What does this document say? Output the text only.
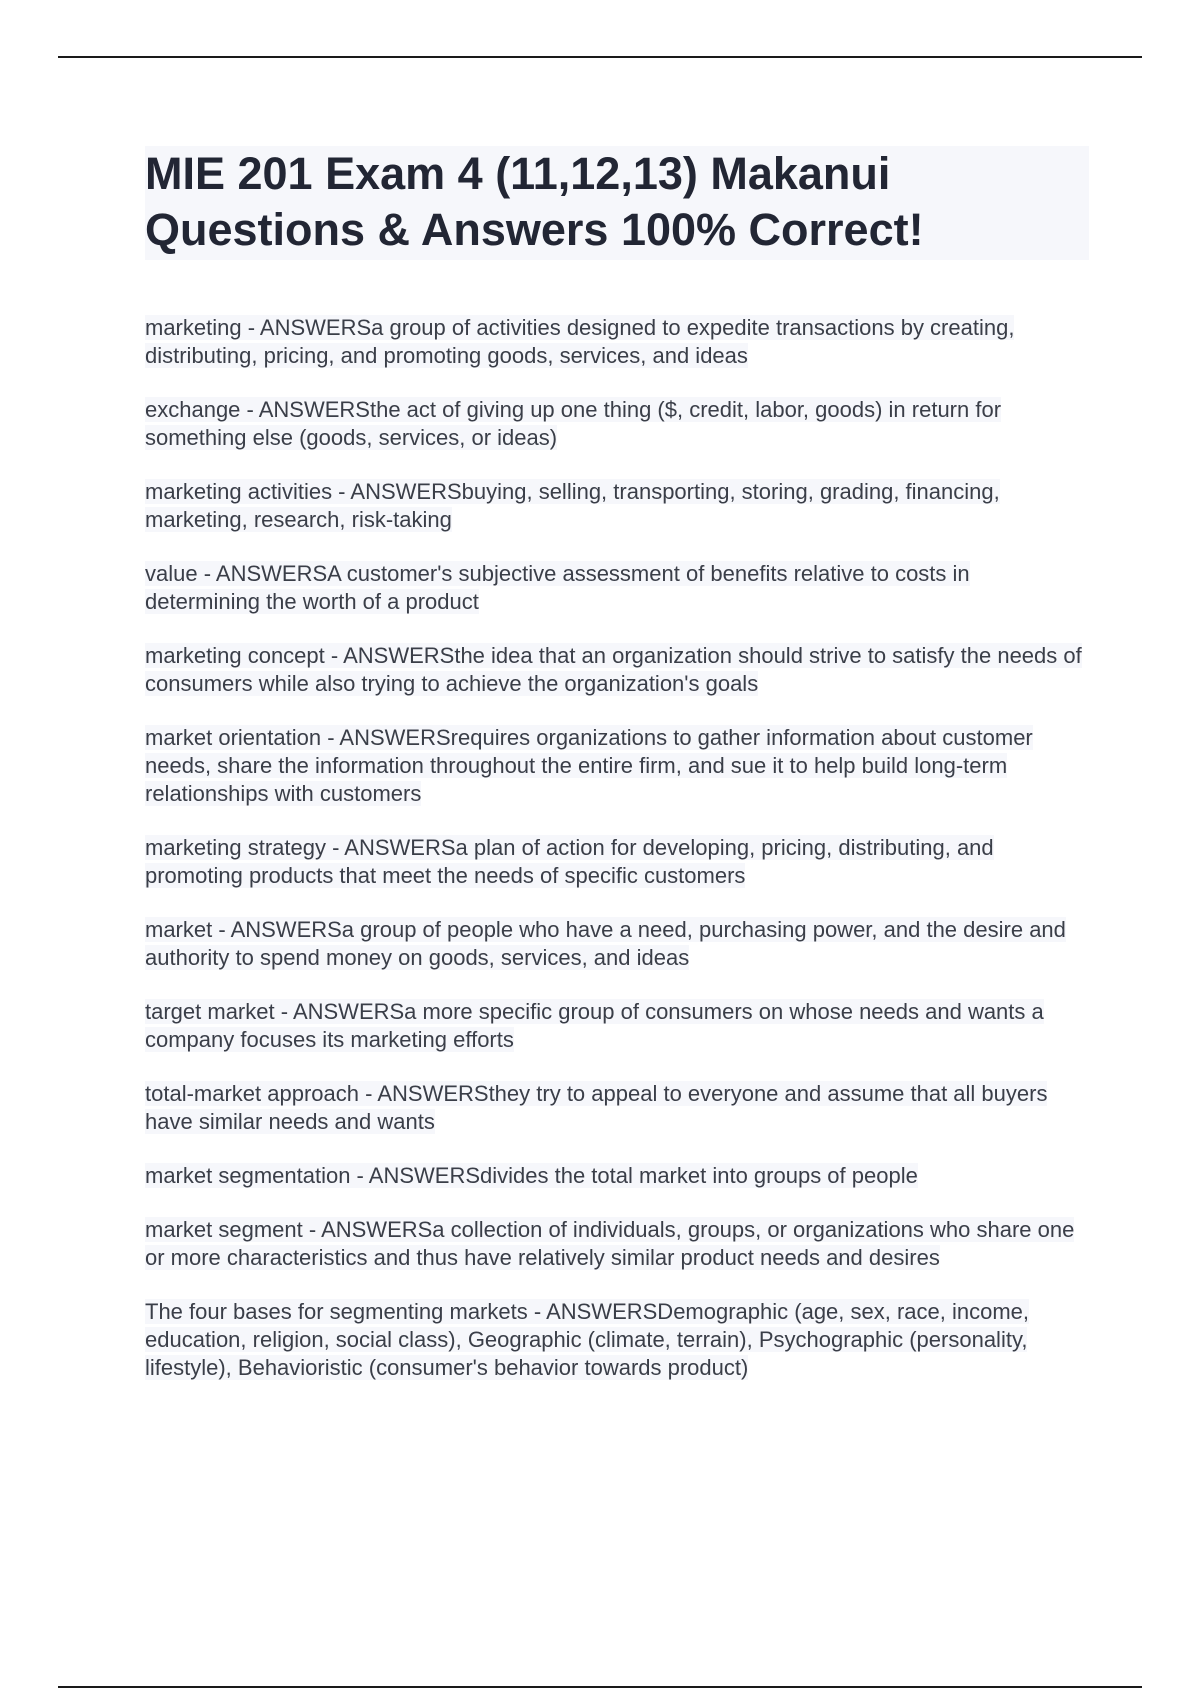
MIE 201 Exam 4 (11,12,13) Makanui Questions & Answers 100% Correct!

marketing - ANSWERSa group of activities designed to expedite transactions by creating, distributing, pricing, and promoting goods, services, and ideas

exchange - ANSWERSthe act of giving up one thing ($, credit, labor, goods) in return for something else (goods, services, or ideas)

marketing activities - ANSWERSbuying, selling, transporting, storing, grading, financing, marketing, research, risk-taking

value - ANSWERSA customer's subjective assessment of benefits relative to costs in determining the worth of a product

marketing concept - ANSWERSthe idea that an organization should strive to satisfy the needs of consumers while also trying to achieve the organization's goals

market orientation - ANSWERSrequires organizations to gather information about customer needs, share the information throughout the entire firm, and sue it to help build long-term relationships with customers

marketing strategy - ANSWERSa plan of action for developing, pricing, distributing, and promoting products that meet the needs of specific customers

market - ANSWERSa group of people who have a need, purchasing power, and the desire and authority to spend money on goods, services, and ideas

target market - ANSWERSa more specific group of consumers on whose needs and wants a company focuses its marketing efforts

total-market approach - ANSWERSthey try to appeal to everyone and assume that all buyers have similar needs and wants

market segmentation - ANSWERSdivides the total market into groups of people

market segment - ANSWERSa collection of individuals, groups, or organizations who share one or more characteristics and thus have relatively similar product needs and desires

The four bases for segmenting markets - ANSWERSDemographic (age, sex, race, income, education, religion, social class), Geographic (climate, terrain), Psychographic (personality, lifestyle), Behavioristic (consumer's behavior towards product)
